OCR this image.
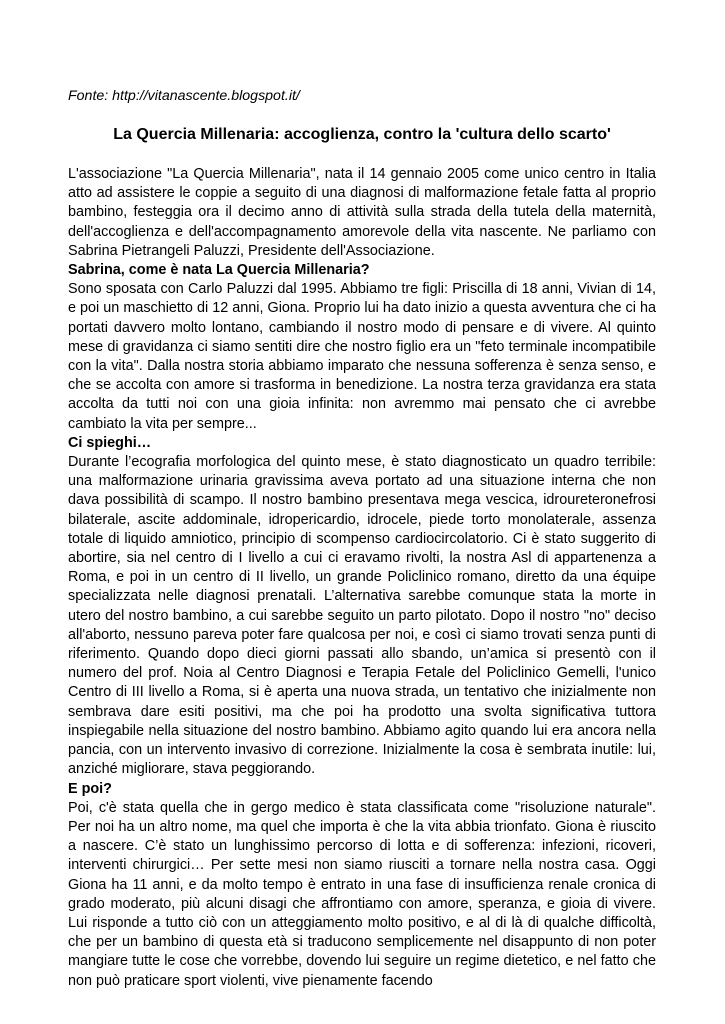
Fonte: http://vitanascente.blogspot.it/

La Quercia Millenaria: accoglienza, contro la 'cultura dello scarto'

L'associazione "La Quercia Millenaria", nata il 14 gennaio 2005 come unico centro in Italia atto ad assistere le coppie a seguito di una diagnosi di malformazione fetale fatta al proprio bambino, festeggia ora il decimo anno di attività sulla strada della tutela della maternità, dell'accoglienza e dell'accompagnamento amorevole della vita nascente. Ne parliamo con Sabrina Pietrangeli Paluzzi, Presidente dell'Associazione.

Sabrina, come è nata La Quercia Millenaria?

Sono sposata con Carlo Paluzzi dal 1995. Abbiamo tre figli: Priscilla di 18 anni, Vivian di 14, e poi un maschietto di 12 anni, Giona. Proprio lui ha dato inizio a questa avventura che ci ha portati davvero molto lontano, cambiando il nostro modo di pensare e di vivere. Al quinto mese di gravidanza ci siamo sentiti dire che nostro figlio era un "feto terminale incompatibile con la vita". Dalla nostra storia abbiamo imparato che nessuna sofferenza è senza senso, e che se accolta con amore si trasforma in benedizione. La nostra terza gravidanza era stata accolta da tutti noi con una gioia infinita: non avremmo mai pensato che ci avrebbe cambiato la vita per sempre...

Ci spieghi…

Durante l’ecografia morfologica del quinto mese, è stato diagnosticato un quadro terribile: una malformazione urinaria gravissima aveva portato ad una situazione interna che non dava possibilità di scampo. Il nostro bambino presentava mega vescica, idroureteronefrosi bilaterale, ascite addominale, idropericardio, idrocele, piede torto monolaterale, assenza totale di liquido amniotico, principio di scompenso cardiocircolatorio. Ci è stato suggerito di abortire, sia nel centro di I livello a cui ci eravamo rivolti, la nostra Asl di appartenenza a Roma, e poi in un centro di II livello, un grande Policlinico romano, diretto da una équipe specializzata nelle diagnosi prenatali. L’alternativa sarebbe comunque stata la morte in utero del nostro bambino, a cui sarebbe seguito un parto pilotato. Dopo il nostro "no" deciso all'aborto, nessuno pareva poter fare qualcosa per noi, e così ci siamo trovati senza punti di riferimento. Quando dopo dieci giorni passati allo sbando, un’amica si presentò con il numero del prof. Noia al Centro Diagnosi e Terapia Fetale del Policlinico Gemelli, l'unico Centro di III livello a Roma, si è aperta una nuova strada, un tentativo che inizialmente non sembrava dare esiti positivi, ma che poi ha prodotto una svolta significativa tuttora inspiegabile nella situazione del nostro bambino. Abbiamo agito quando lui era ancora nella pancia, con un intervento invasivo di correzione. Inizialmente la cosa è sembrata inutile: lui, anziché migliorare, stava peggiorando.

E poi?

Poi, c'è stata quella che in gergo medico è stata classificata come "risoluzione naturale". Per noi ha un altro nome, ma quel che importa è che la vita abbia trionfato. Giona è riuscito a nascere. C’è stato un lunghissimo percorso di lotta e di sofferenza: infezioni, ricoveri, interventi chirurgici… Per sette mesi non siamo riusciti a tornare nella nostra casa. Oggi Giona ha 11 anni, e da molto tempo è entrato in una fase di insufficienza renale cronica di grado moderato, più alcuni disagi che affrontiamo con amore, speranza, e gioia di vivere. Lui risponde a tutto ciò con un atteggiamento molto positivo, e al di là di qualche difficoltà, che per un bambino di questa età si traducono semplicemente nel disappunto di non poter mangiare tutte le cose che vorrebbe, dovendo lui seguire un regime dietetico, e nel fatto che non può praticare sport violenti, vive pienamente facendo
